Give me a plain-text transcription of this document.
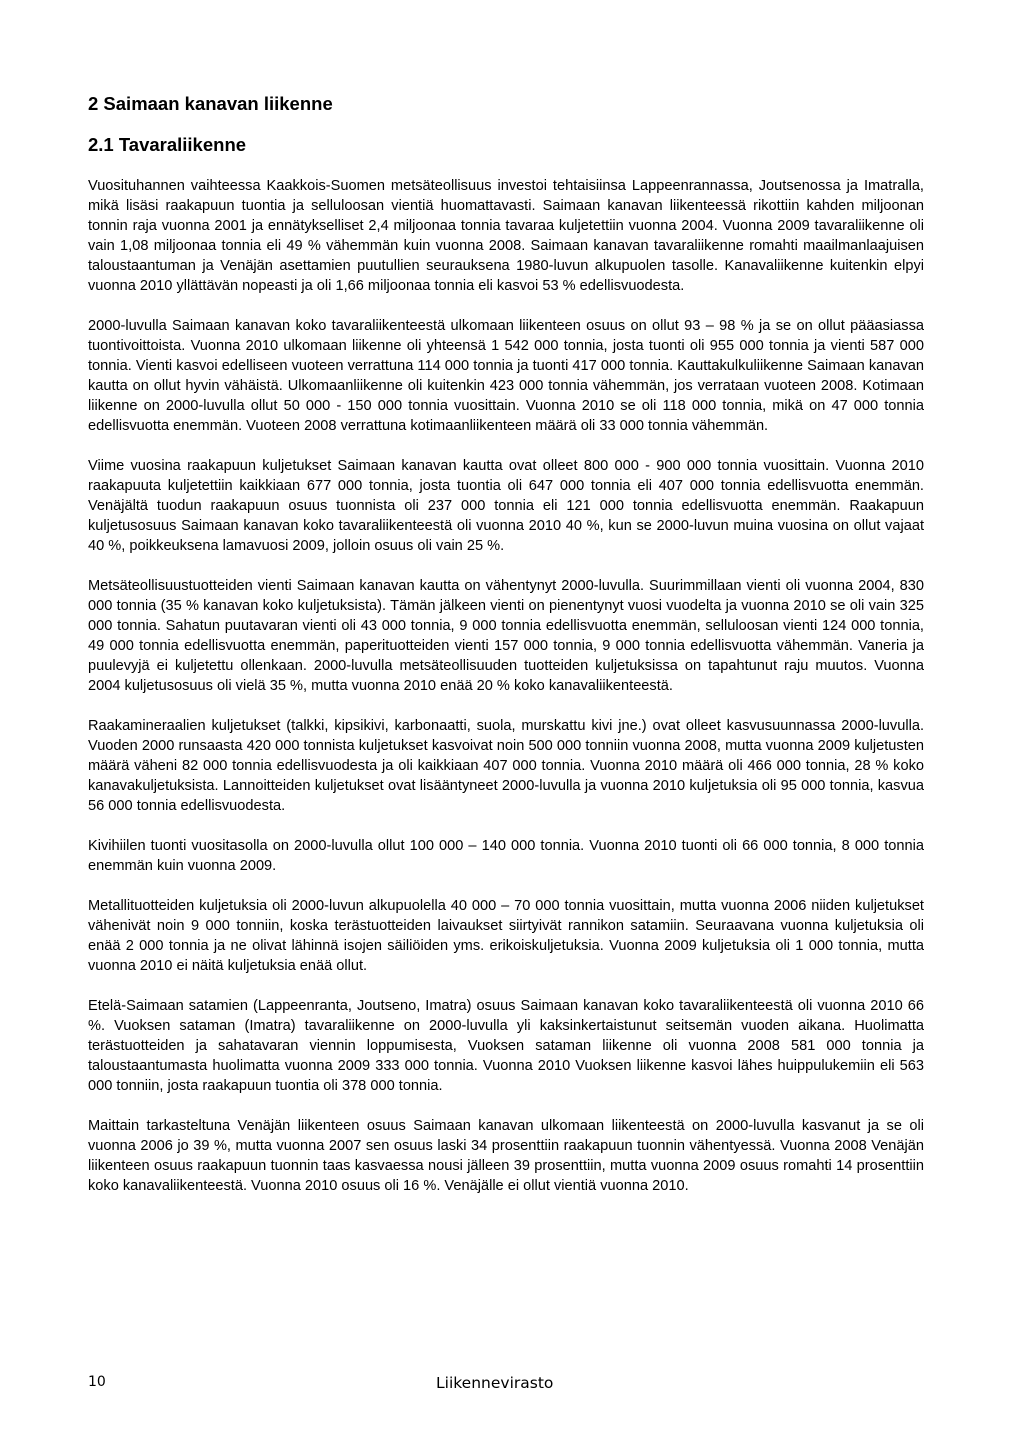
2 Saimaan kanavan liikenne
2.1 Tavaraliikenne

Vuosituhannen vaihteessa Kaakkois-Suomen metsäteollisuus investoi tehtaisiinsa Lappeenrannassa, Joutsenossa ja Imatralla, mikä lisäsi raakapuun tuontia ja selluloosan vientiä huomattavasti. Saimaan kanavan liikenteessä rikottiin kahden miljoonan tonnin raja vuonna 2001 ja ennätykselliset 2,4 miljoonaa tonnia tavaraa kuljetettiin vuonna 2004. Vuonna 2009 tavaraliikenne oli vain 1,08 miljoonaa tonnia eli 49 % vähemmän kuin vuonna 2008. Saimaan kanavan tavaraliikenne romahti maailmanlaajuisen taloustaantuman ja Venäjän asettamien puutullien seurauksena 1980-luvun alkupuolen tasolle. Kanavaliikenne kuitenkin elpyi vuonna 2010 yllättävän nopeasti ja oli 1,66 miljoonaa tonnia eli kasvoi 53 % edellisvuodesta.

2000-luvulla Saimaan kanavan koko tavaraliikenteestä ulkomaan liikenteen osuus on ollut 93 – 98 % ja se on ollut pääasiassa tuontivoittoista. Vuonna 2010 ulkomaan liikenne oli yhteensä 1 542 000 tonnia, josta tuonti oli 955 000 tonnia ja vienti 587 000 tonnia. Vienti kasvoi edelliseen vuoteen verrattuna 114 000 tonnia ja tuonti 417 000 tonnia. Kauttakulkuliikenne Saimaan kanavan kautta on ollut hyvin vähäistä. Ulkomaanliikenne oli kuitenkin 423 000 tonnia vähemmän, jos verrataan vuoteen 2008. Kotimaan liikenne on 2000-luvulla ollut 50 000 - 150 000 tonnia vuosittain. Vuonna 2010 se oli 118 000 tonnia, mikä on 47 000 tonnia edellisvuotta enemmän. Vuoteen 2008 verrattuna kotimaanliikenteen määrä oli 33 000 tonnia vähemmän.

Viime vuosina raakapuun kuljetukset Saimaan kanavan kautta ovat olleet 800 000 - 900 000 tonnia vuosittain. Vuonna 2010 raakapuuta kuljetettiin kaikkiaan 677 000 tonnia, josta tuontia oli 647 000 tonnia eli 407 000 tonnia edellisvuotta enemmän. Venäjältä tuodun raakapuun osuus tuonnista oli 237 000 tonnia eli 121 000 tonnia edellisvuotta enemmän. Raakapuun kuljetusosuus Saimaan kanavan koko tavaraliikenteestä oli vuonna 2010 40 %, kun se 2000-luvun muina vuosina on ollut vajaat 40 %, poikkeuksena lamavuosi 2009, jolloin osuus oli vain 25 %.

Metsäteollisuustuotteiden vienti Saimaan kanavan kautta on vähentynyt 2000-luvulla. Suurimmillaan vienti oli vuonna 2004, 830 000 tonnia (35 % kanavan koko kuljetuksista). Tämän jälkeen vienti on pienentynyt vuosi vuodelta ja vuonna 2010 se oli vain 325 000 tonnia. Sahatun puutavaran vienti oli 43 000 tonnia, 9 000 tonnia edellisvuotta enemmän, selluloosan vienti 124 000 tonnia, 49 000 tonnia edellisvuotta enemmän, paperituotteiden vienti 157 000 tonnia, 9 000 tonnia edellisvuotta vähemmän. Vaneria ja puulevyjä ei kuljetettu ollenkaan. 2000-luvulla metsäteollisuuden tuotteiden kuljetuksissa on tapahtunut raju muutos. Vuonna 2004 kuljetusosuus oli vielä 35 %, mutta vuonna 2010 enää 20 % koko kanavaliikenteestä.

Raakamineraalien kuljetukset (talkki, kipsikivi, karbonaatti, suola, murskattu kivi jne.) ovat olleet kasvusuunnassa 2000-luvulla. Vuoden 2000 runsaasta 420 000 tonnista kuljetukset kasvoivat noin 500 000 tonniin vuonna 2008, mutta vuonna 2009 kuljetusten määrä väheni 82 000 tonnia edellisvuodesta ja oli kaikkiaan 407 000 tonnia. Vuonna 2010 määrä oli 466 000 tonnia, 28 % koko kanavakuljetuksista. Lannoitteiden kuljetukset ovat lisääntyneet 2000-luvulla ja vuonna 2010 kuljetuksia oli 95 000 tonnia, kasvua 56 000 tonnia edellisvuodesta.

Kivihiilen tuonti vuositasolla on 2000-luvulla ollut 100 000 – 140 000 tonnia. Vuonna 2010 tuonti oli 66 000 tonnia, 8 000 tonnia enemmän kuin vuonna 2009.

Metallituotteiden kuljetuksia oli 2000-luvun alkupuolella 40 000 – 70 000 tonnia vuosittain, mutta vuonna 2006 niiden kuljetukset vähenivät noin 9 000 tonniin, koska terästuotteiden laivaukset siirtyivät rannikon satamiin. Seuraavana vuonna kuljetuksia oli enää 2 000 tonnia ja ne olivat lähinnä isojen säiliöiden yms. erikoiskuljetuksia. Vuonna 2009 kuljetuksia oli 1 000 tonnia, mutta vuonna 2010 ei näitä kuljetuksia enää ollut.

Etelä-Saimaan satamien (Lappeenranta, Joutseno, Imatra) osuus Saimaan kanavan koko tavaraliikenteestä oli vuonna 2010 66 %. Vuoksen sataman (Imatra) tavaraliikenne on 2000-luvulla yli kaksinkertaistunut seitsemän vuoden aikana. Huolimatta terästuotteiden ja sahatavaran viennin loppumisesta, Vuoksen sataman liikenne oli vuonna 2008 581 000 tonnia ja taloustaantumasta huolimatta vuonna 2009 333 000 tonnia. Vuonna 2010 Vuoksen liikenne kasvoi lähes huippulukemiin eli 563 000 tonniin, josta raakapuun tuontia oli 378 000 tonnia.

Maittain tarkasteltuna Venäjän liikenteen osuus Saimaan kanavan ulkomaan liikenteestä on 2000-luvulla kasvanut ja se oli vuonna 2006 jo 39 %, mutta vuonna 2007 sen osuus laski 34 prosenttiin raakapuun tuonnin vähentyessä. Vuonna 2008 Venäjän liikenteen osuus raakapuun tuonnin taas kasvaessa nousi jälleen 39 prosenttiin, mutta vuonna 2009 osuus romahti 14 prosenttiin koko kanavaliikenteestä. Vuonna 2010 osuus oli 16 %. Venäjälle ei ollut vientiä vuonna 2010.

10	Liikennevirasto
